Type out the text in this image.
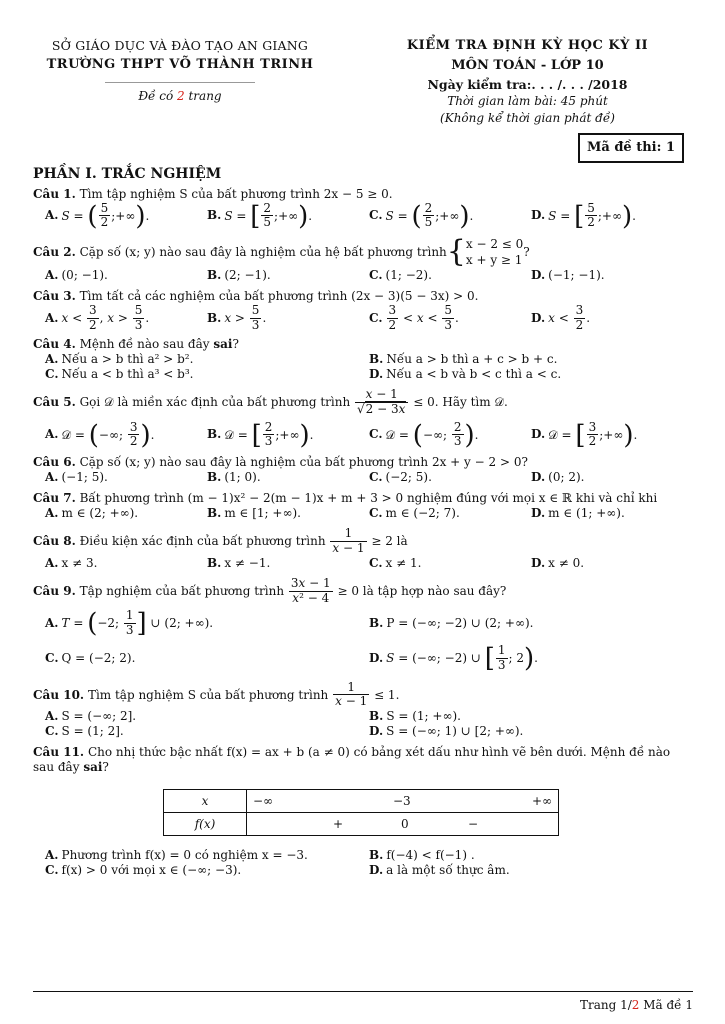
SỞ GIÁO DỤC VÀ ĐÀO TẠO AN GIANG
TRƯỜNG THPT VÕ THÀNH TRINH
Đề có 2 trang
KIỂM TRA ĐỊNH KỲ HỌC KỲ II
MÔN TOÁN - LỚP 10
Ngày kiểm tra:. . . /. . . /2018
Thời gian làm bài: 45 phút
(Không kể thời gian phát đề)
Mã đề thi: 1
PHẦN I. TRẮC NGHIỆM
Câu 1. Tìm tập nghiệm S của bất phương trình 2x − 5 ≥ 0.
A. S = ( $\frac{5}{2}$ ;+∞).	B. S = [ $\frac{2}{5}$ ;+∞).	C. S = ( $\frac{2}{5}$ ;+∞).	D. S = [ $\frac{5}{2}$ ;+∞).
Câu 2. Cặp số (x; y) nào sau đây là nghiệm của hệ bất phương trình { x − 2 ≤ 0
x + y ≥ 1
?
A. (0; −1).	B. (2; −1).	C. (1; −2).	D. (−1; −1).
Câu 3. Tìm tất cả các nghiệm của bất phương trình (2x − 3)(5 − 3x) > 0.
A. $x < \frac{3}{2}$ , $x > \frac{5}{3}$ .	B. $x > \frac{5}{3}$ .	C. $\frac{3}{2} < x < \frac{5}{3}$ .	D. $x < \frac{3}{2}$ .
Câu 4. Mệnh đề nào sau đây sai?
A. Nếu a > b thì a² > b².	B. Nếu a > b thì a + c > b + c.
C. Nếu a < b thì a³ < b³.	D. Nếu a < b và b < c thì a < c.
Câu 5. Gọi 𝒟 là miền xác định của bất phương trình $\frac{x - 1}{√2 - 3x} \le 0$. Hãy tìm 𝒟.
A. 𝒟 = (−∞; $\frac{3}{2}$ ).	B. 𝒟 = [ $\frac{2}{3}$ ;+∞).	C. 𝒟 = (−∞; $\frac{2}{3}$ ).	D. 𝒟 = [ $\frac{3}{2}$ ;+∞).
Câu 6. Cặp số (x; y) nào sau đây là nghiệm của bất phương trình 2x + y − 2 > 0?
A. (−1; 5).	B. (1; 0).	C. (−2; 5).	D. (0; 2).
Câu 7. Bất phương trình (m − 1)x² − 2(m − 1)x + m + 3 > 0 nghiệm đúng với mọi x ∈ ℝ khi và chỉ khi
A. m ∈ (2; +∞).	B. m ∈ [1; +∞).	C. m ∈ (−2; 7).	D. m ∈ (1; +∞).
Câu 8. Điều kiện xác định của bất phương trình $\frac{1}{x - 1} \ge 2$ là
A. x ≠ 3.	B. x ≠ −1.	C. x ≠ 1.	D. x ≠ 0.
Câu 9. Tập nghiệm của bất phương trình $\frac{3x - 1}{\text{x² − 4}} \ge 0$ là tập hợp nào sau đây?
A. T = (−2; $\frac{1}{3}$ ] ∪ (2; +∞).	B. P = (−∞; −2) ∪ (2; +∞).
C. Q = (−2; 2).	D. S = (−∞; −2) ∪ [ $\frac{1}{3}$ ; 2).
Câu 10. Tìm tập nghiệm S của bất phương trình $\frac{1}{x - 1} \le 1$.
A. S = (−∞; 2].	B. S = (1; +∞).
C. S = (1; 2].	D. S = (−∞; 1) ∪ [2; +∞).
Câu 11. Cho nhị thức bậc nhất f(x) = ax + b (a ≠ 0) có bảng xét dấu như hình vẽ bên dưới. Mệnh đề nào sau đây sai?
x	−∞ −3 +∞

f(x)	+ 0 −
A. Phương trình f(x) = 0 có nghiệm x = −3.	B. f(−4) < f(−1) .
C. f(x) > 0 với mọi x ∈ (−∞; −3).	D. a là một số thực âm.
Trang 1/2 Mã đề 1
